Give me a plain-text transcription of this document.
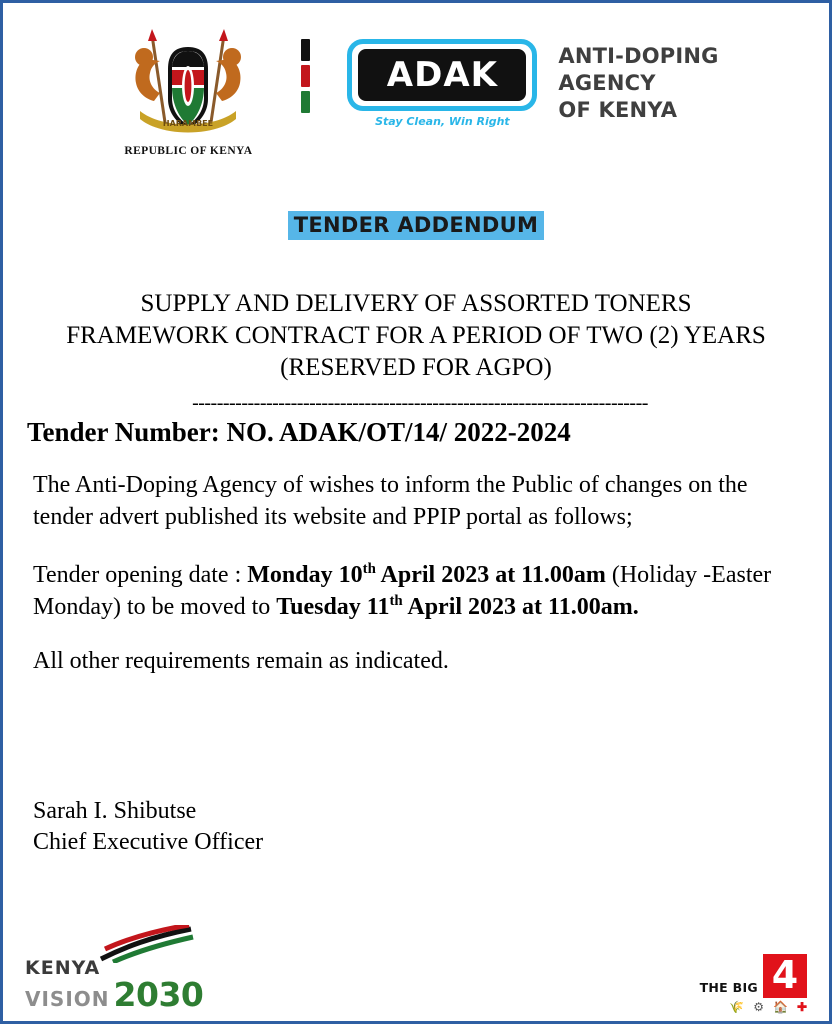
HARAMBEE
REPUBLIC OF KENYA
ADAK
Stay Clean, Win Right
ANTI-DOPING
AGENCY
OF KENYA
TENDER ADDENDUM
SUPPLY AND DELIVERY OF ASSORTED TONERS
FRAMEWORK CONTRACT FOR A PERIOD OF TWO (2) YEARS
(RESERVED FOR AGPO)
--------------------------------------------------------------------------
Tender Number: NO. ADAK/OT/14/ 2022-2024
The Anti-Doping Agency of wishes to inform the Public of changes on the tender advert published its website and PPIP portal as follows;
Tender opening date : Monday 10th April 2023 at 11.00am (Holiday -Easter Monday) to be moved to Tuesday 11th April 2023 at 11.00am.
All other requirements remain as indicated.
Sarah I. Shibutse
Chief Executive Officer
KENYA
VISION 2030	THE BIG 4
🌾 ⚙ 🏠 ✚
